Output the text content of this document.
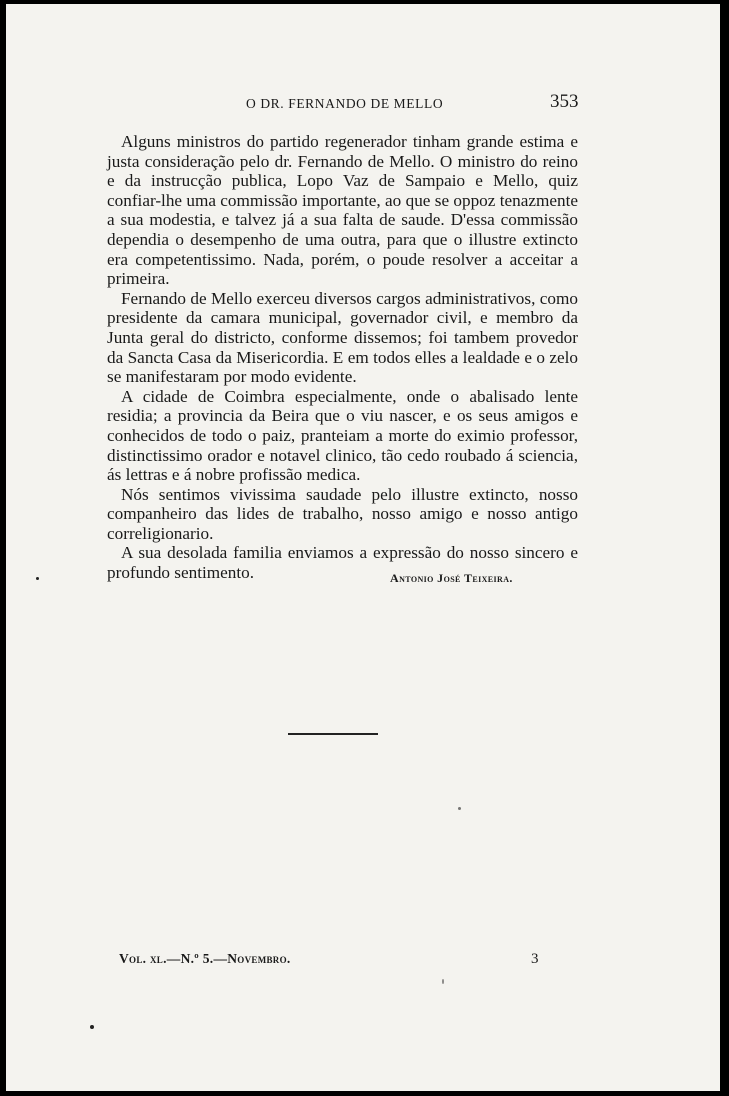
O DR. FERNANDO DE MELLO	353

Alguns ministros do partido regenerador tinham grande estima e justa consideração pelo dr. Fernando de Mello. O ministro do reino e da instrucção publica, Lopo Vaz de Sampaio e Mello, quiz confiar-lhe uma commissão importante, ao que se oppoz tenazmente a sua modestia, e talvez já a sua falta de saude. D'essa commissão dependia o desempenho de uma outra, para que o illustre extincto era competentissimo. Nada, porém, o poude resolver a acceitar a primeira.

Fernando de Mello exerceu diversos cargos administrativos, como presidente da camara municipal, governador civil, e membro da Junta geral do districto, conforme dissemos; foi tambem provedor da Sancta Casa da Misericordia. E em todos elles a lealdade e o zelo se manifestaram por modo evidente.

A cidade de Coimbra especialmente, onde o abalisado lente residia; a provincia da Beira que o viu nascer, e os seus amigos e conhecidos de todo o paiz, pranteiam a morte do eximio professor, distinctissimo orador e notavel clinico, tão cedo roubado á sciencia, ás lettras e á nobre profissão medica.

Nós sentimos vivissima saudade pelo illustre extincto, nosso companheiro das lides de trabalho, nosso amigo e nosso antigo correligionario.

A sua desolada familia enviamos a expressão do nosso sincero e profundo sentimento.	Antonio José Teixeira.
Vol. xl.—N.º 5.—Novembro.	3
